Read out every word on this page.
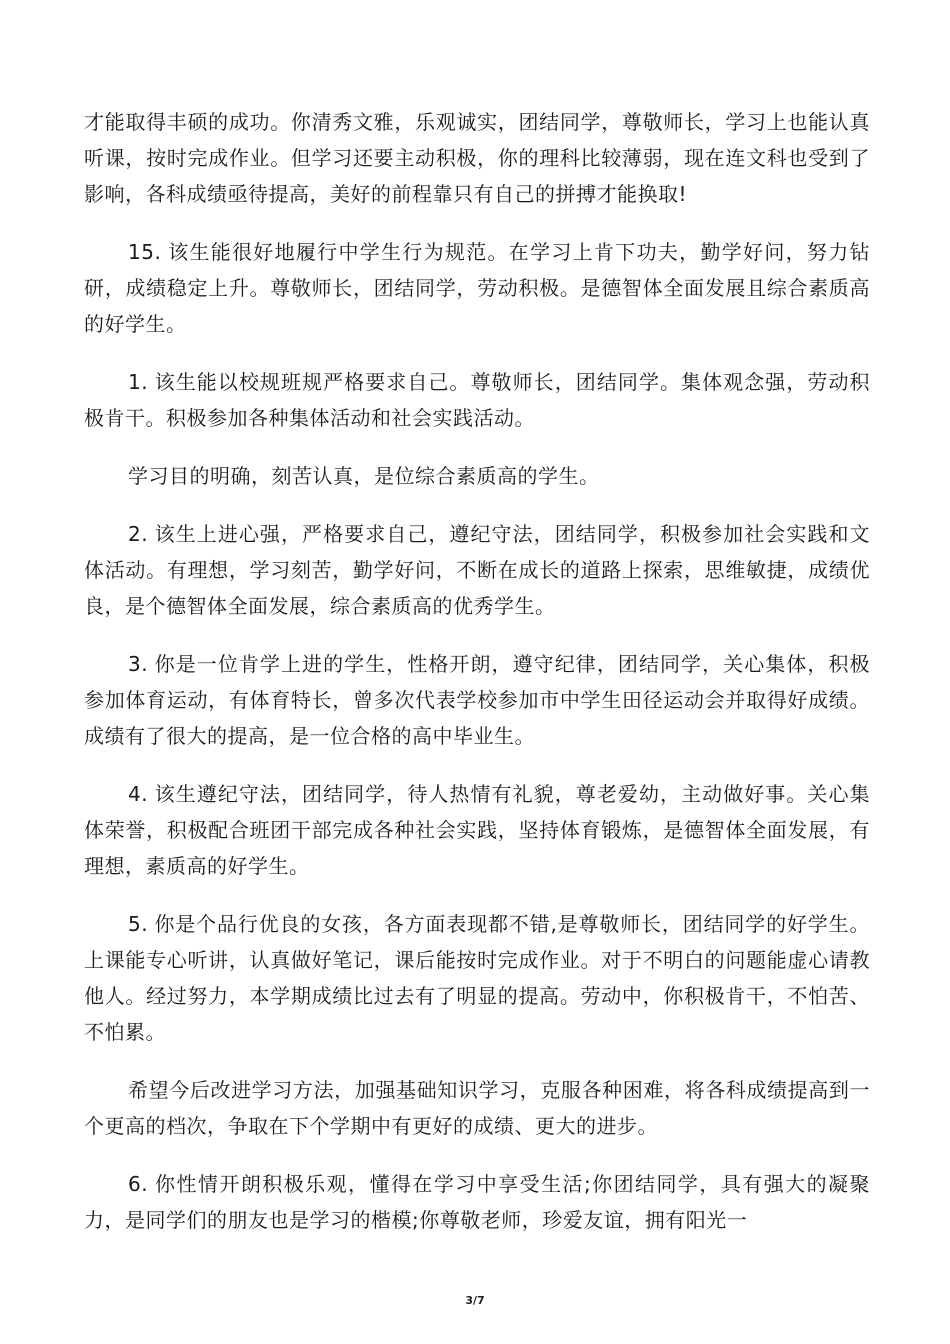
才能取得丰硕的成功。你清秀文雅，乐观诚实，团结同学，尊敬师长，学习上也能认真听课，按时完成作业。但学习还要主动积极，你的理科比较薄弱，现在连文科也受到了影响，各科成绩亟待提高，美好的前程靠只有自己的拼搏才能换取!

15. 该生能很好地履行中学生行为规范。在学习上肯下功夫，勤学好问，努力钻研，成绩稳定上升。尊敬师长，团结同学，劳动积极。是德智体全面发展且综合素质高的好学生。

1. 该生能以校规班规严格要求自己。尊敬师长，团结同学。集体观念强，劳动积极肯干。积极参加各种集体活动和社会实践活动。

学习目的明确，刻苦认真，是位综合素质高的学生。

2. 该生上进心强，严格要求自己，遵纪守法，团结同学，积极参加社会实践和文体活动。有理想，学习刻苦，勤学好问，不断在成长的道路上探索，思维敏捷，成绩优良，是个德智体全面发展，综合素质高的优秀学生。

3. 你是一位肯学上进的学生，性格开朗，遵守纪律，团结同学，关心集体，积极参加体育运动，有体育特长，曾多次代表学校参加市中学生田径运动会并取得好成绩。成绩有了很大的提高，是一位合格的高中毕业生。

4. 该生遵纪守法，团结同学，待人热情有礼貌，尊老爱幼，主动做好事。关心集体荣誉，积极配合班团干部完成各种社会实践，坚持体育锻炼，是德智体全面发展，有理想，素质高的好学生。

5. 你是个品行优良的女孩，各方面表现都不错,是尊敬师长，团结同学的好学生。上课能专心听讲，认真做好笔记，课后能按时完成作业。对于不明白的问题能虚心请教他人。经过努力，本学期成绩比过去有了明显的提高。劳动中，你积极肯干，不怕苦、不怕累。

希望今后改进学习方法，加强基础知识学习，克服各种困难，将各科成绩提高到一个更高的档次，争取在下个学期中有更好的成绩、更大的进步。

6. 你性情开朗积极乐观，懂得在学习中享受生活;你团结同学，具有强大的凝聚力，是同学们的朋友也是学习的楷模;你尊敬老师，珍爱友谊，拥有阳光一

3/7
